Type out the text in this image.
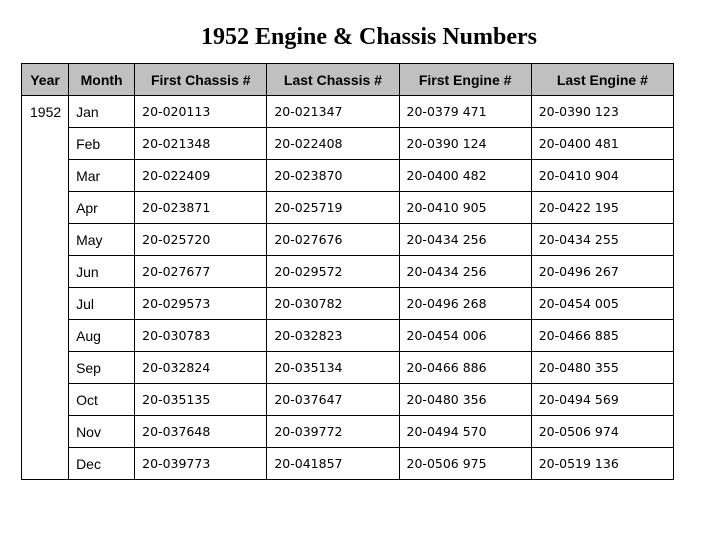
1952 Engine & Chassis Numbers
Year	Month	First Chassis #	Last Chassis #	First Engine #	Last Engine #
1952	Jan	20-020113	20-021347	20-0379 471	20-0390 123
	Feb	20-021348	20-022408	20-0390 124	20-0400 481
	Mar	20-022409	20-023870	20-0400 482	20-0410 904
	Apr	20-023871	20-025719	20-0410 905	20-0422 195
	May	20-025720	20-027676	20-0434 256	20-0434 255
	Jun	20-027677	20-029572	20-0434 256	20-0496 267
	Jul	20-029573	20-030782	20-0496 268	20-0454 005
	Aug	20-030783	20-032823	20-0454 006	20-0466 885
	Sep	20-032824	20-035134	20-0466 886	20-0480 355
	Oct	20-035135	20-037647	20-0480 356	20-0494 569
	Nov	20-037648	20-039772	20-0494 570	20-0506 974
	Dec	20-039773	20-041857	20-0506 975	20-0519 136
